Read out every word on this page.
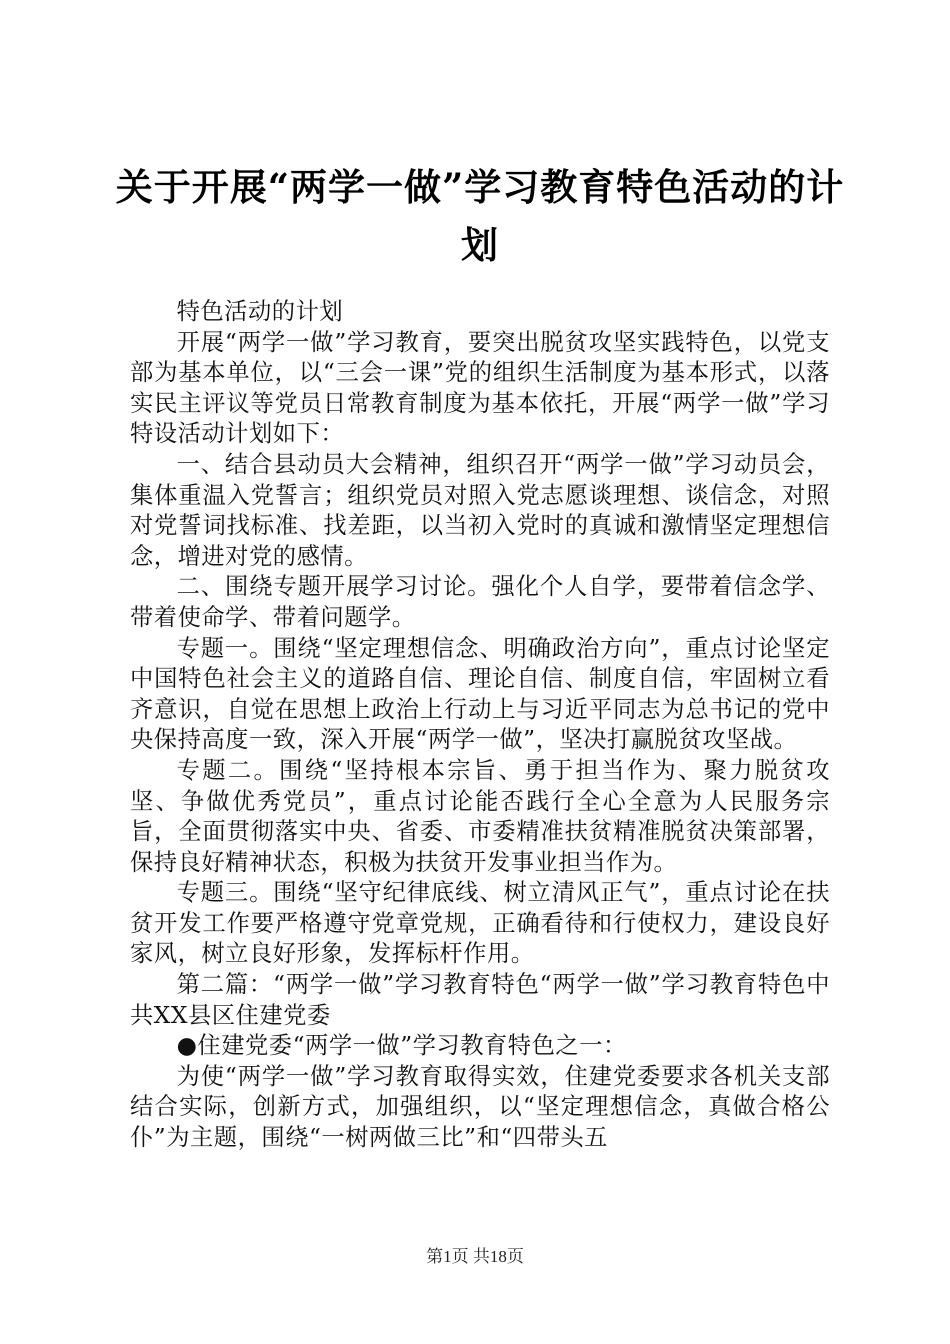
关于开展“两学一做”学习教育特色活动的计划

特色活动的计划

开展“两学一做”学习教育，要突出脱贫攻坚实践特色，以党支部为基本单位，以“三会一课”党的组织生活制度为基本形式，以落实民主评议等党员日常教育制度为基本依托，开展“两学一做”学习特设活动计划如下：

一、结合县动员大会精神，组织召开“两学一做”学习动员会，集体重温入党誓言；组织党员对照入党志愿谈理想、谈信念，对照对党誓词找标准、找差距，以当初入党时的真诚和激情坚定理想信念，增进对党的感情。

二、围绕专题开展学习讨论。强化个人自学，要带着信念学、带着使命学、带着问题学。

专题一。围绕“坚定理想信念、明确政治方向”，重点讨论坚定中国特色社会主义的道路自信、理论自信、制度自信，牢固树立看齐意识，自觉在思想上政治上行动上与习近平同志为总书记的党中央保持高度一致，深入开展“两学一做”，坚决打赢脱贫攻坚战。

专题二。围绕“坚持根本宗旨、勇于担当作为、聚力脱贫攻坚、争做优秀党员”，重点讨论能否践行全心全意为人民服务宗旨，全面贯彻落实中央、省委、市委精准扶贫精准脱贫决策部署，保持良好精神状态，积极为扶贫开发事业担当作为。

专题三。围绕“坚守纪律底线、树立清风正气”，重点讨论在扶贫开发工作要严格遵守党章党规，正确看待和行使权力，建设良好家风，树立良好形象，发挥标杆作用。

第二篇：“两学一做”学习教育特色“两学一做”学习教育特色中共XX县区住建党委

●住建党委“两学一做”学习教育特色之一：

为使“两学一做”学习教育取得实效，住建党委要求各机关支部结合实际，创新方式，加强组织，以“坚定理想信念，真做合格公仆”为主题，围绕“一树两做三比”和“四带头五

第1页 共18页
